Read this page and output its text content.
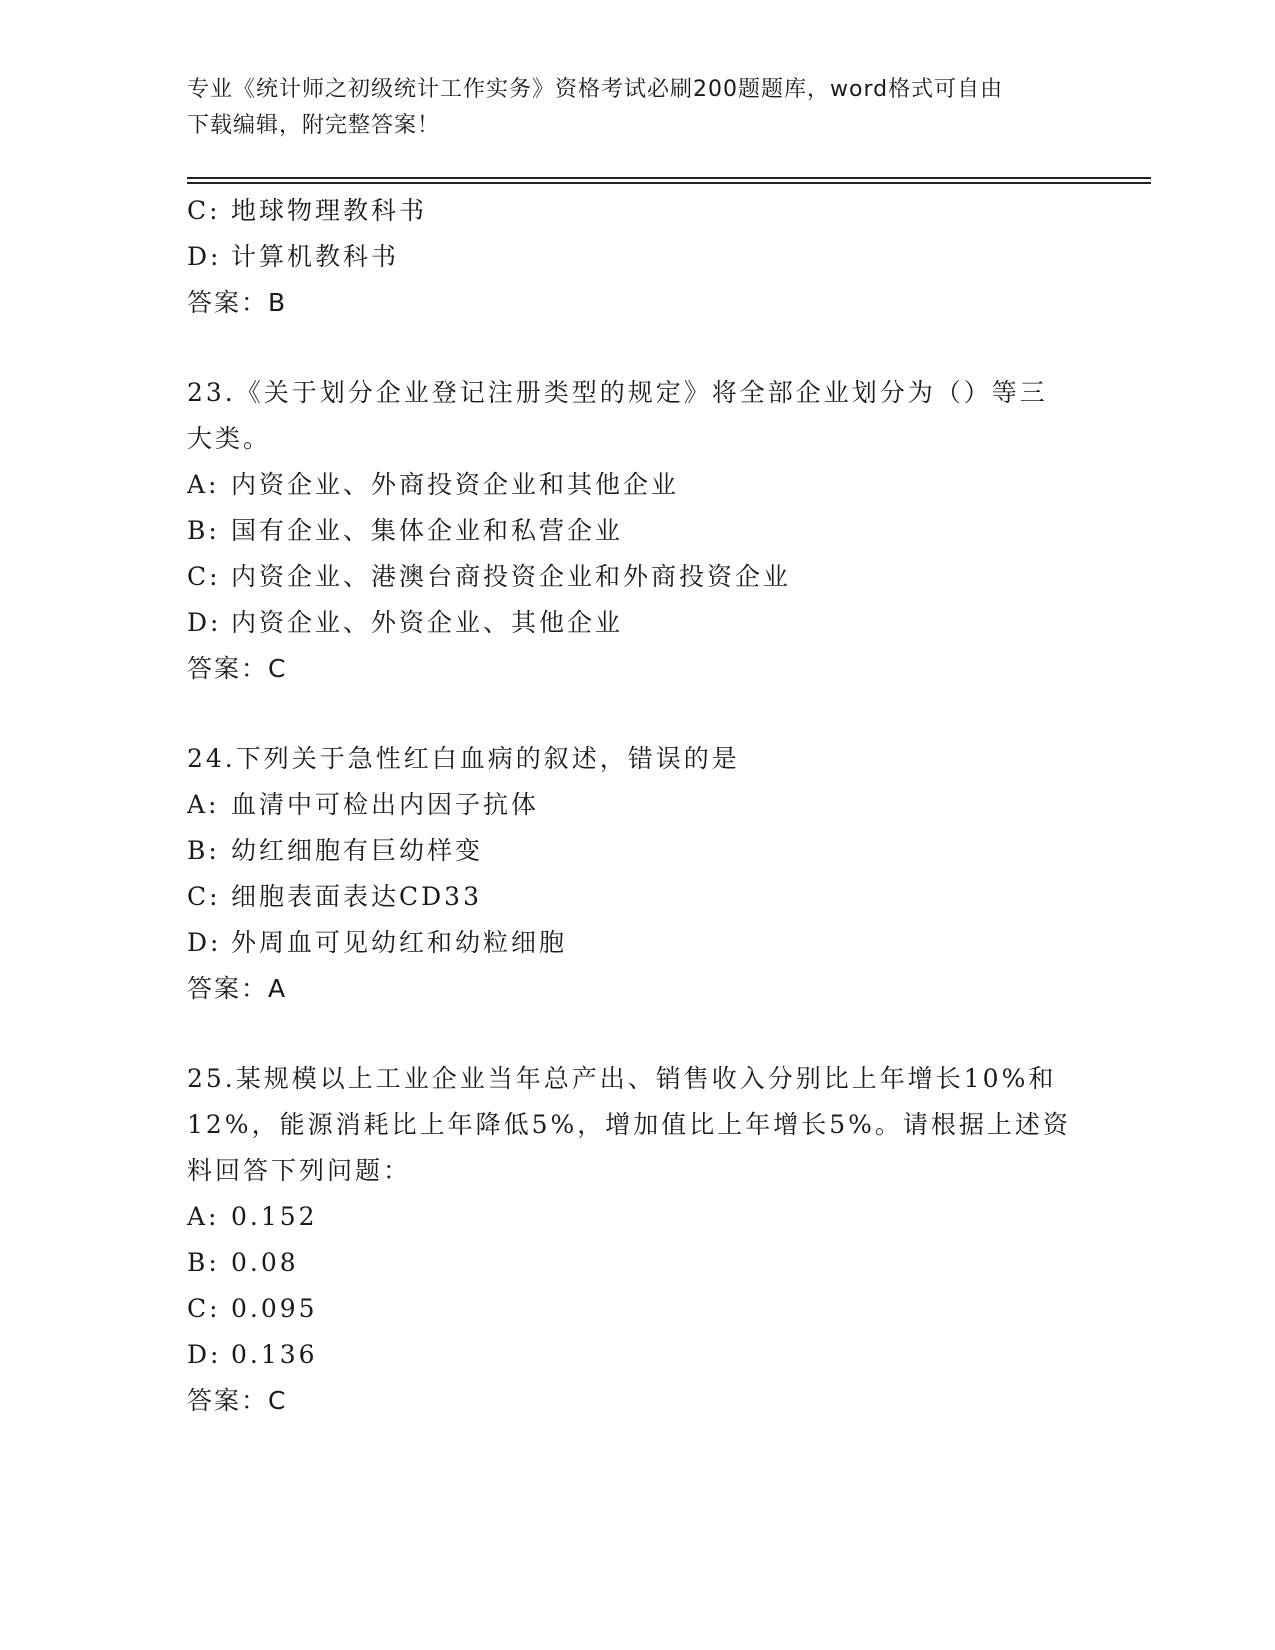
专业《统计师之初级统计工作实务》资格考试必刷200题题库，word格式可自由
下载编辑，附完整答案！
C: 地球物理教科书
D: 计算机教科书
答案：B
23.《关于划分企业登记注册类型的规定》将全部企业划分为（）等三
大类。
A: 内资企业、外商投资企业和其他企业
B: 国有企业、集体企业和私营企业
C: 内资企业、港澳台商投资企业和外商投资企业
D: 内资企业、外资企业、其他企业
答案：C
24.下列关于急性红白血病的叙述，错误的是
A: 血清中可检出内因子抗体
B: 幼红细胞有巨幼样变
C: 细胞表面表达CD33
D: 外周血可见幼红和幼粒细胞
答案：A
25.某规模以上工业企业当年总产出、销售收入分别比上年增长10%和
12%，能源消耗比上年降低5%，增加值比上年增长5%。请根据上述资
料回答下列问题：
A: 0.152
B: 0.08
C: 0.095
D: 0.136
答案：C
